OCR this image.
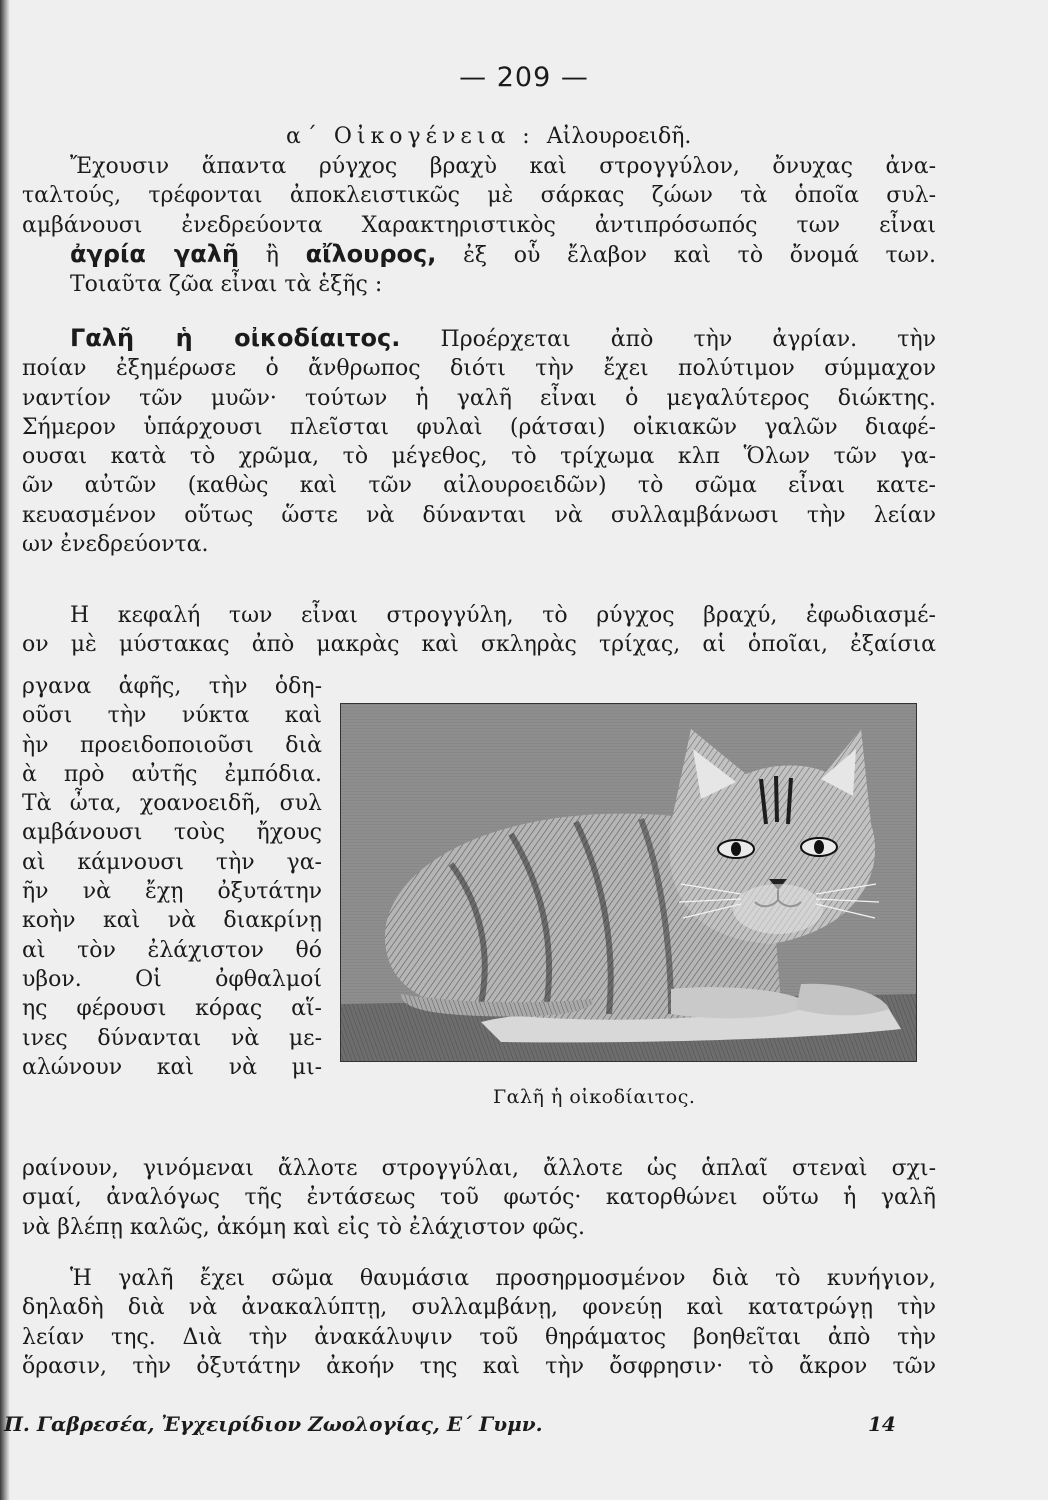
— 209 —
α΄ Οἰκογένεια : Αἰλουροειδῆ.
Ἔχουσιν ἅπαντα ρύγχος βραχὺ καὶ στρογγύλον, ὄνυχας ἀνα-
ταλτούς, τρέφονται ἀποκλειστικῶς μὲ σάρκας ζώων τὰ ὁποῖα συλ-
αμβάνουσι ἐνεδρεύοντα Χαρακτηριστικὸς ἀντιπρόσωπός των εἶναι
ἀγρία γαλῆ ἢ αἴλουρος, ἐξ οὗ ἔλαβον καὶ τὸ ὄνομά των.
Τοιαῦτα ζῶα εἶναι τὰ ἑξῆς :
Γαλῆ ἡ οἰκοδίαιτος. Προέρχεται ἀπὸ τὴν ἀγρίαν. τὴν
ποίαν ἐξημέρωσε ὁ ἄνθρωπος διότι τὴν ἔχει πολύτιμον σύμμαχον
ναντίον τῶν μυῶν· τούτων ἡ γαλῆ εἶναι ὁ μεγαλύτερος διώκτης.
Σήμερον ὑπάρχουσι πλεῖσται φυλαὶ (ράτσαι) οἰκιακῶν γαλῶν διαφέ-
ουσαι κατὰ τὸ χρῶμα, τὸ μέγεθος, τὸ τρίχωμα κλπ Ὅλων τῶν γα-
ῶν αὐτῶν (καθὼς καὶ τῶν αἰλουροειδῶν) τὸ σῶμα εἶναι κατε-
κευασμένον οὕτως ὥστε νὰ δύνανται νὰ συλλαμβάνωσι τὴν λείαν
ων ἐνεδρεύοντα.
Η κεφαλή των εἶναι στρογγύλη, τὸ ρύγχος βραχύ, ἐφωδιασμέ-
ον μὲ μύστακας ἀπὸ μακρὰς καὶ σκληρὰς τρίχας, αἱ ὁποῖαι, ἐξαίσια
ργανα ἁφῆς, τὴν ὁδη-
οῦσι τὴν νύκτα καὶ
ὴν προειδοποιοῦσι διὰ
ὰ πρὸ αὐτῆς ἐμπόδια.
Τὰ ὦτα, χοανοειδῆ, συλ
αμβάνουσι τοὺς ἤχους
αὶ κάμνουσι τὴν γα-
ῆν νὰ ἔχῃ ὀξυτάτην
κοὴν καὶ νὰ διακρίνῃ
αὶ τὸν ἐλάχιστον θό
υβον. Οἱ ὀφθαλμοί
ης φέρουσι κόρας αἵ-
ινες δύνανται νὰ με-
αλώνουν καὶ νὰ μι-
Γαλῆ ἡ οἰκοδίαιτος.
ραίνουν, γινόμεναι ἄλλοτε στρογγύλαι, ἄλλοτε ὡς ἁπλαῖ στεναὶ σχι-
σμαί, ἀναλόγως τῆς ἐντάσεως τοῦ φωτός· κατορθώνει οὕτω ἡ γαλῆ
νὰ βλέπῃ καλῶς, ἀκόμη καὶ εἰς τὸ ἐλάχιστον φῶς.
Ἡ γαλῆ ἔχει σῶμα θαυμάσια προσηρμοσμένον διὰ τὸ κυνήγιον,
δηλαδὴ διὰ νὰ ἀνακαλύπτῃ, συλλαμβάνῃ, φονεύῃ καὶ κατατρώγῃ τὴν
λείαν της. Διὰ τὴν ἀνακάλυψιν τοῦ θηράματος βοηθεῖται ἀπὸ τὴν
ὅρασιν, τὴν ὀξυτάτην ἀκοήν της καὶ τὴν ὄσφρησιν· τὸ ἄκρον τῶν
Π. Γαβρεσέα, Ἐγχειρίδιον Ζωολογίας, Ε΄ Γυμν.	14
